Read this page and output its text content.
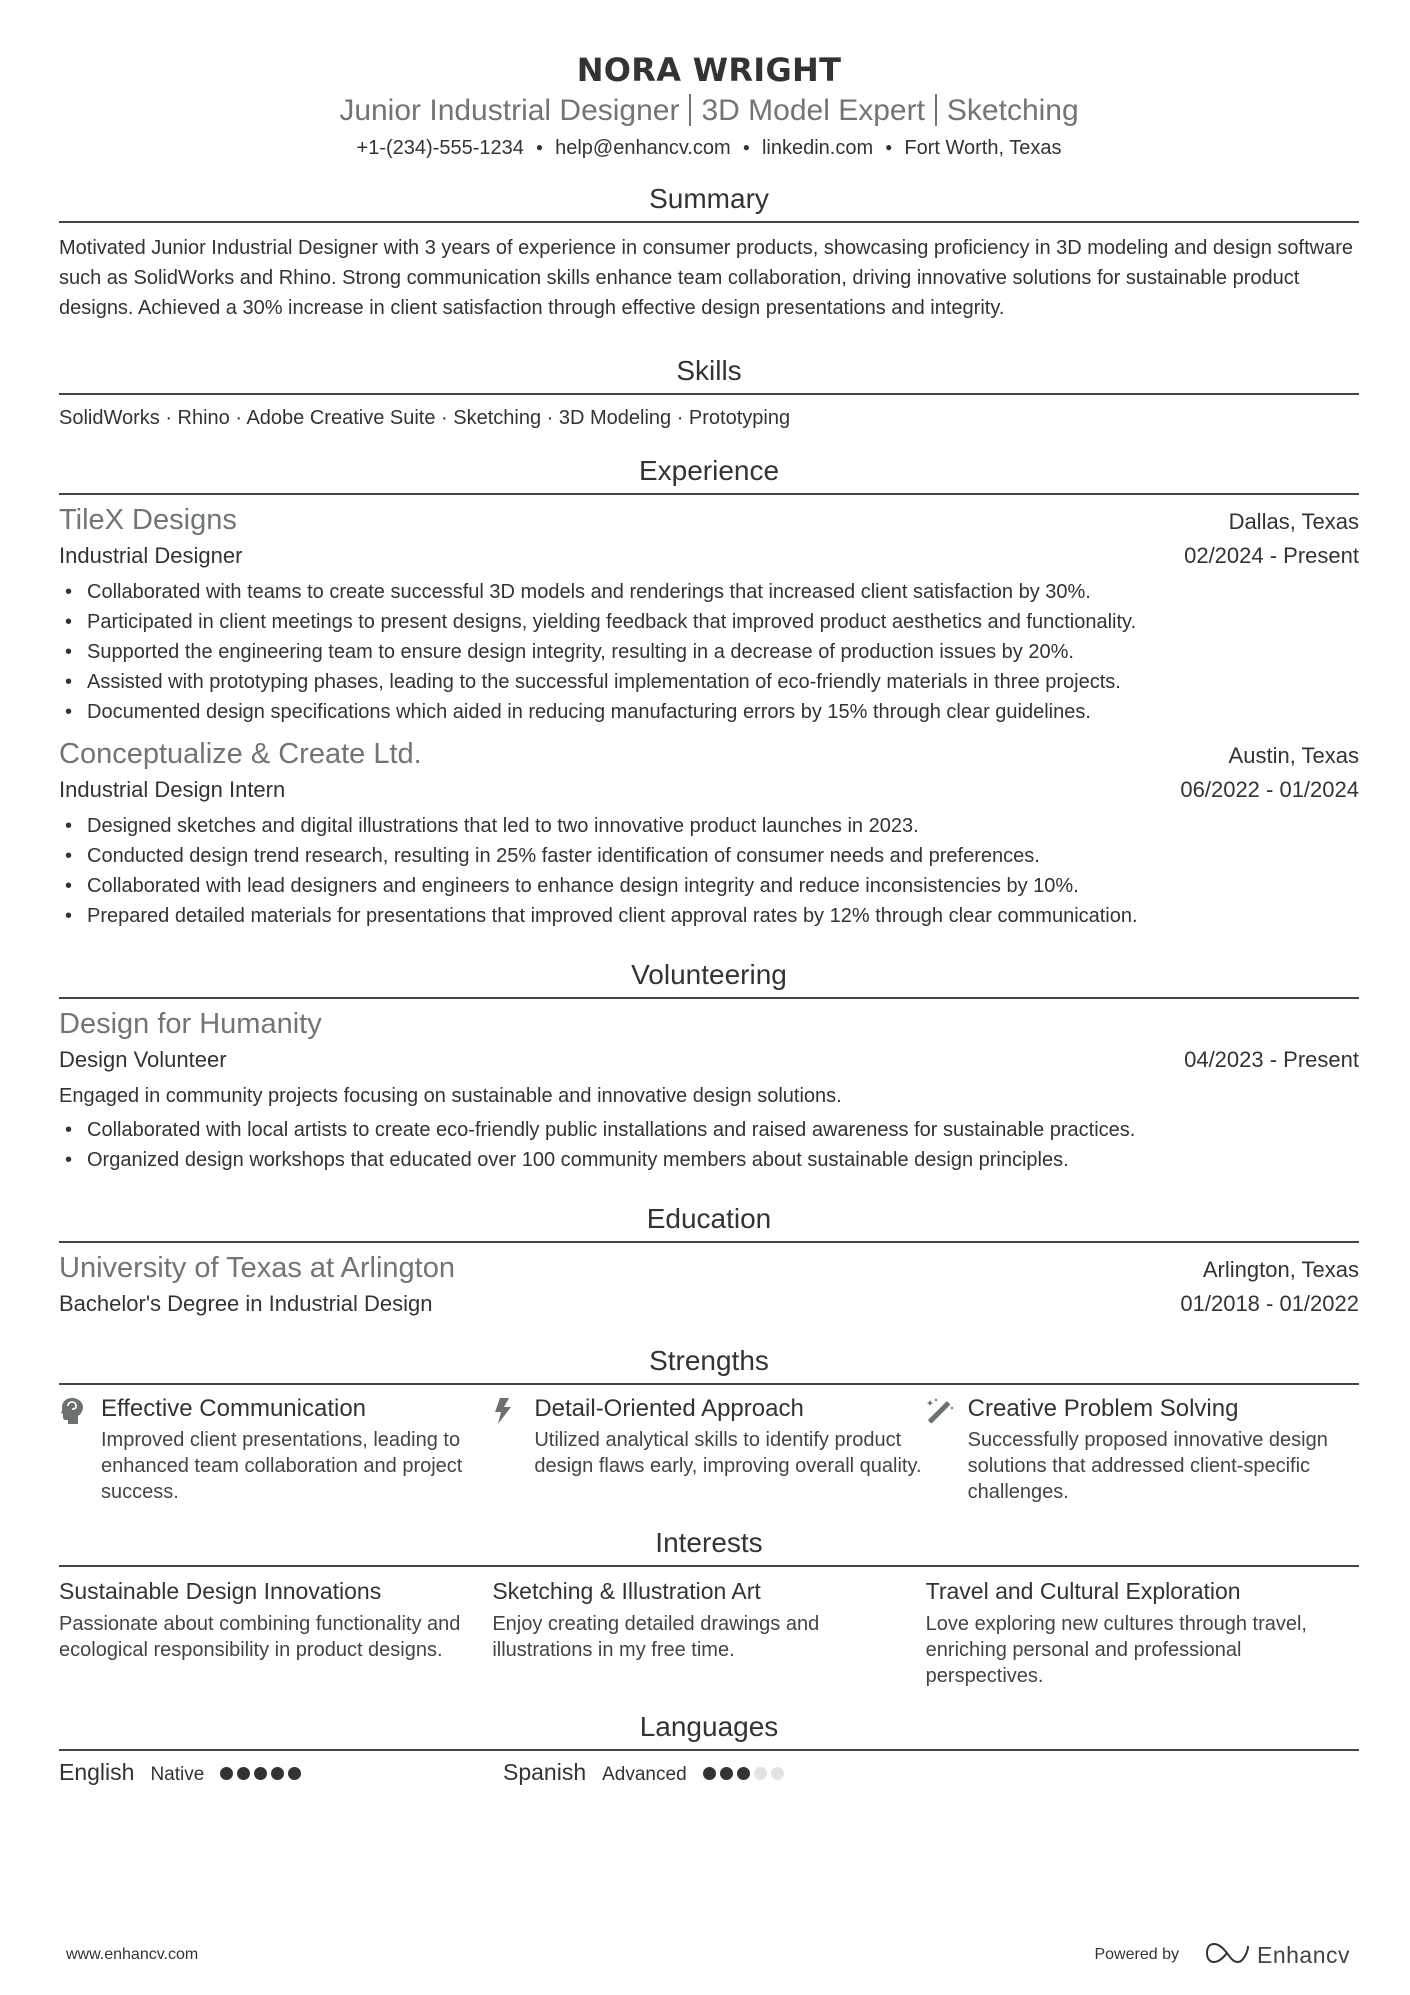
NORA WRIGHT
Junior Industrial Designer 3D Model Expert Sketching
+1-(234)-555-1234 ● help@enhancv.com ● linkedin.com ● Fort Worth, Texas
Summary
Motivated Junior Industrial Designer with 3 years of experience in consumer products, showcasing proficiency in 3D modeling and design software such as SolidWorks and Rhino. Strong communication skills enhance team collaboration, driving innovative solutions for sustainable product designs. Achieved a 30% increase in client satisfaction through effective design presentations and integrity.
Skills
SolidWorks · Rhino · Adobe Creative Suite · Sketching · 3D Modeling · Prototyping
Experience
TileX Designs	Dallas, Texas
Industrial Designer	02/2024 - Present
• Collaborated with teams to create successful 3D models and renderings that increased client satisfaction by 30%.
• Participated in client meetings to present designs, yielding feedback that improved product aesthetics and functionality.
• Supported the engineering team to ensure design integrity, resulting in a decrease of production issues by 20%.
• Assisted with prototyping phases, leading to the successful implementation of eco-friendly materials in three projects.
• Documented design specifications which aided in reducing manufacturing errors by 15% through clear guidelines.
Conceptualize & Create Ltd.	Austin, Texas
Industrial Design Intern	06/2022 - 01/2024
• Designed sketches and digital illustrations that led to two innovative product launches in 2023.
• Conducted design trend research, resulting in 25% faster identification of consumer needs and preferences.
• Collaborated with lead designers and engineers to enhance design integrity and reduce inconsistencies by 10%.
• Prepared detailed materials for presentations that improved client approval rates by 12% through clear communication.
Volunteering
Design for Humanity
Design Volunteer	04/2023 - Present
Engaged in community projects focusing on sustainable and innovative design solutions.
• Collaborated with local artists to create eco-friendly public installations and raised awareness for sustainable practices.
• Organized design workshops that educated over 100 community members about sustainable design principles.
Education
University of Texas at Arlington	Arlington, Texas
Bachelor's Degree in Industrial Design	01/2018 - 01/2022
Strengths
Effective Communication
Improved client presentations, leading to enhanced team collaboration and project success.
Detail-Oriented Approach
Utilized analytical skills to identify product design flaws early, improving overall quality.
Creative Problem Solving
Successfully proposed innovative design solutions that addressed client-specific challenges.
Interests
Sustainable Design Innovations
Passionate about combining functionality and ecological responsibility in product designs.
Sketching & Illustration Art
Enjoy creating detailed drawings and illustrations in my free time.
Travel and Cultural Exploration
Love exploring new cultures through travel, enriching personal and professional perspectives.
Languages
English Native	Spanish Advanced
www.enhancv.com	Powered by	Enhancv
